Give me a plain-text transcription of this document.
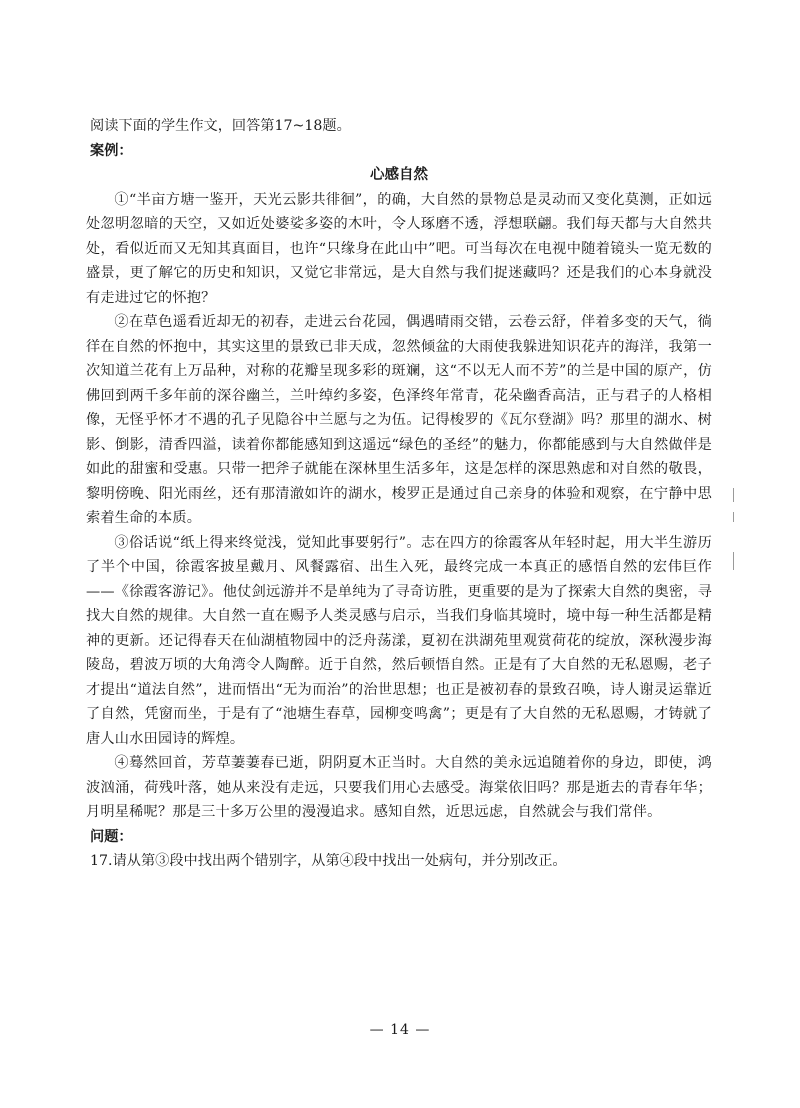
阅读下面的学生作文，回答第17~18题。

案例：

心感自然

①“半亩方塘一鉴开，天光云影共徘徊”，的确，大自然的景物总是灵动而又变化莫测，正如远处忽明忽暗的天空，又如近处婆娑多姿的木叶，令人琢磨不透，浮想联翩。我们每天都与大自然共处，看似近而又无知其真面目，也许“只缘身在此山中”吧。可当每次在电视中随着镜头一览无数的盛景，更了解它的历史和知识，又觉它非常远，是大自然与我们捉迷藏吗？还是我们的心本身就没有走进过它的怀抱？

②在草色遥看近却无的初春，走进云台花园，偶遇晴雨交错，云卷云舒，伴着多变的天气，徜徉在自然的怀抱中，其实这里的景致已非天成，忽然倾盆的大雨使我躲进知识花卉的海洋，我第一次知道兰花有上万品种，对称的花瓣呈现多彩的斑斓，这“不以无人而不芳”的兰是中国的原产，仿佛回到两千多年前的深谷幽兰，兰叶绰约多姿，色泽终年常青，花朵幽香高洁，正与君子的人格相像，无怪乎怀才不遇的孔子见隐谷中兰愿与之为伍。记得梭罗的《瓦尔登湖》吗？那里的湖水、树影、倒影，清香四溢，读着你都能感知到这遥远“绿色的圣经”的魅力，你都能感到与大自然做伴是如此的甜蜜和受惠。只带一把斧子就能在深林里生活多年，这是怎样的深思熟虑和对自然的敬畏，黎明傍晚、阳光雨丝，还有那清澈如许的湖水，梭罗正是通过自己亲身的体验和观察，在宁静中思索着生命的本质。

③俗话说“纸上得来终觉浅，觉知此事要躬行”。志在四方的徐霞客从年轻时起，用大半生游历了半个中国，徐霞客披星戴月、风餐露宿、出生入死，最终完成一本真正的感悟自然的宏伟巨作——《徐霞客游记》。他仗剑远游并不是单纯为了寻奇访胜，更重要的是为了探索大自然的奥密，寻找大自然的规律。大自然一直在赐予人类灵感与启示，当我们身临其境时，境中每一种生活都是精神的更新。还记得春天在仙湖植物园中的泛舟荡漾，夏初在洪湖苑里观赏荷花的绽放，深秋漫步海陵岛，碧波万顷的大角湾令人陶醉。近于自然，然后顿悟自然。正是有了大自然的无私恩赐，老子才提出“道法自然”，进而悟出“无为而治”的治世思想；也正是被初春的景致召唤，诗人谢灵运靠近了自然，凭窗而坐，于是有了“池塘生春草，园柳变鸣禽”；更是有了大自然的无私恩赐，才铸就了唐人山水田园诗的辉煌。

④蓦然回首，芳草萋萋春已逝，阴阴夏木正当时。大自然的美永远追随着你的身边，即使，鸿波汹涌，荷残叶落，她从来没有走远，只要我们用心去感受。海棠依旧吗？那是逝去的青春年华；月明星稀呢？那是三十多万公里的漫漫追求。感知自然，近思远虑，自然就会与我们常伴。

问题：

17.请从第③段中找出两个错别字，从第④段中找出一处病句，并分别改正。

— 14 —
